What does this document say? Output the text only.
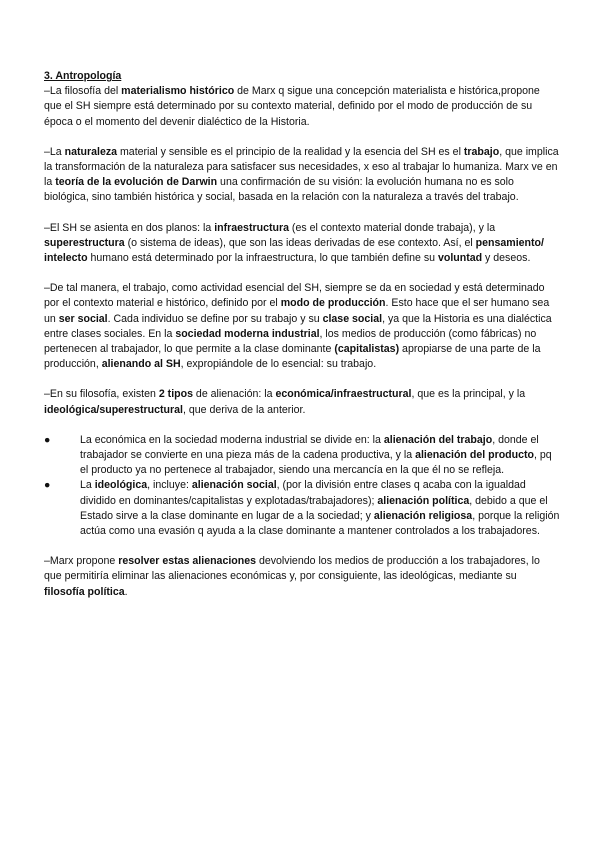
3. Antropología

–La filosofía del materialismo histórico de Marx q sigue una concepción materialista e histórica,propone que el SH siempre está determinado por su contexto material, definido por el modo de producción de su época o el momento del devenir dialéctico de la Historia.

–La naturaleza material y sensible es el principio de la realidad y la esencia del SH es el trabajo, que implica la transformación de la naturaleza para satisfacer sus necesidades, x eso al trabajar lo humaniza. Marx ve en la teoría de la evolución de Darwin una confirmación de su visión: la evolución humana no es solo biológica, sino también histórica y social, basada en la relación con la naturaleza a través del trabajo.

–El SH se asienta en dos planos: la infraestructura (es el contexto material donde trabaja), y la superestructura (o sistema de ideas), que son las ideas derivadas de ese contexto. Así, el pensamiento/ intelecto humano está determinado por la infraestructura, lo que también define su voluntad y deseos.

–De tal manera, el trabajo, como actividad esencial del SH, siempre se da en sociedad y está determinado por el contexto material e histórico, definido por el modo de producción. Esto hace que el ser humano sea un ser social. Cada individuo se define por su trabajo y su clase social, ya que la Historia es una dialéctica entre clases sociales. En la sociedad moderna industrial, los medios de producción (como fábricas) no pertenecen al trabajador, lo que permite a la clase dominante (capitalistas) apropiarse de una parte de la producción, alienando al SH, expropiándole de lo esencial: su trabajo.

–En su filosofía, existen 2 tipos de alienación: la económica/infraestructural, que es la principal, y la ideológica/superestructural, que deriva de la anterior.

●	La económica en la sociedad moderna industrial se divide en: la alienación del trabajo, donde el trabajador se convierte en una pieza más de la cadena productiva, y la alienación del producto, pq el producto ya no pertenece al trabajador, siendo una mercancía en la que él no se refleja.
●	La ideológica, incluye: alienación social, (por la división entre clases q acaba con la igualdad dividido en dominantes/capitalistas y explotadas/trabajadores); alienación política, debido a que el Estado sirve a la clase dominante en lugar de a la sociedad; y alienación religiosa, porque la religión actúa como una evasión q ayuda a la clase dominante a mantener controlados a los trabajadores.

–Marx propone resolver estas alienaciones devolviendo los medios de producción a los trabajadores, lo que permitiría eliminar las alienaciones económicas y, por consiguiente, las ideológicas, mediante su filosofía política.
